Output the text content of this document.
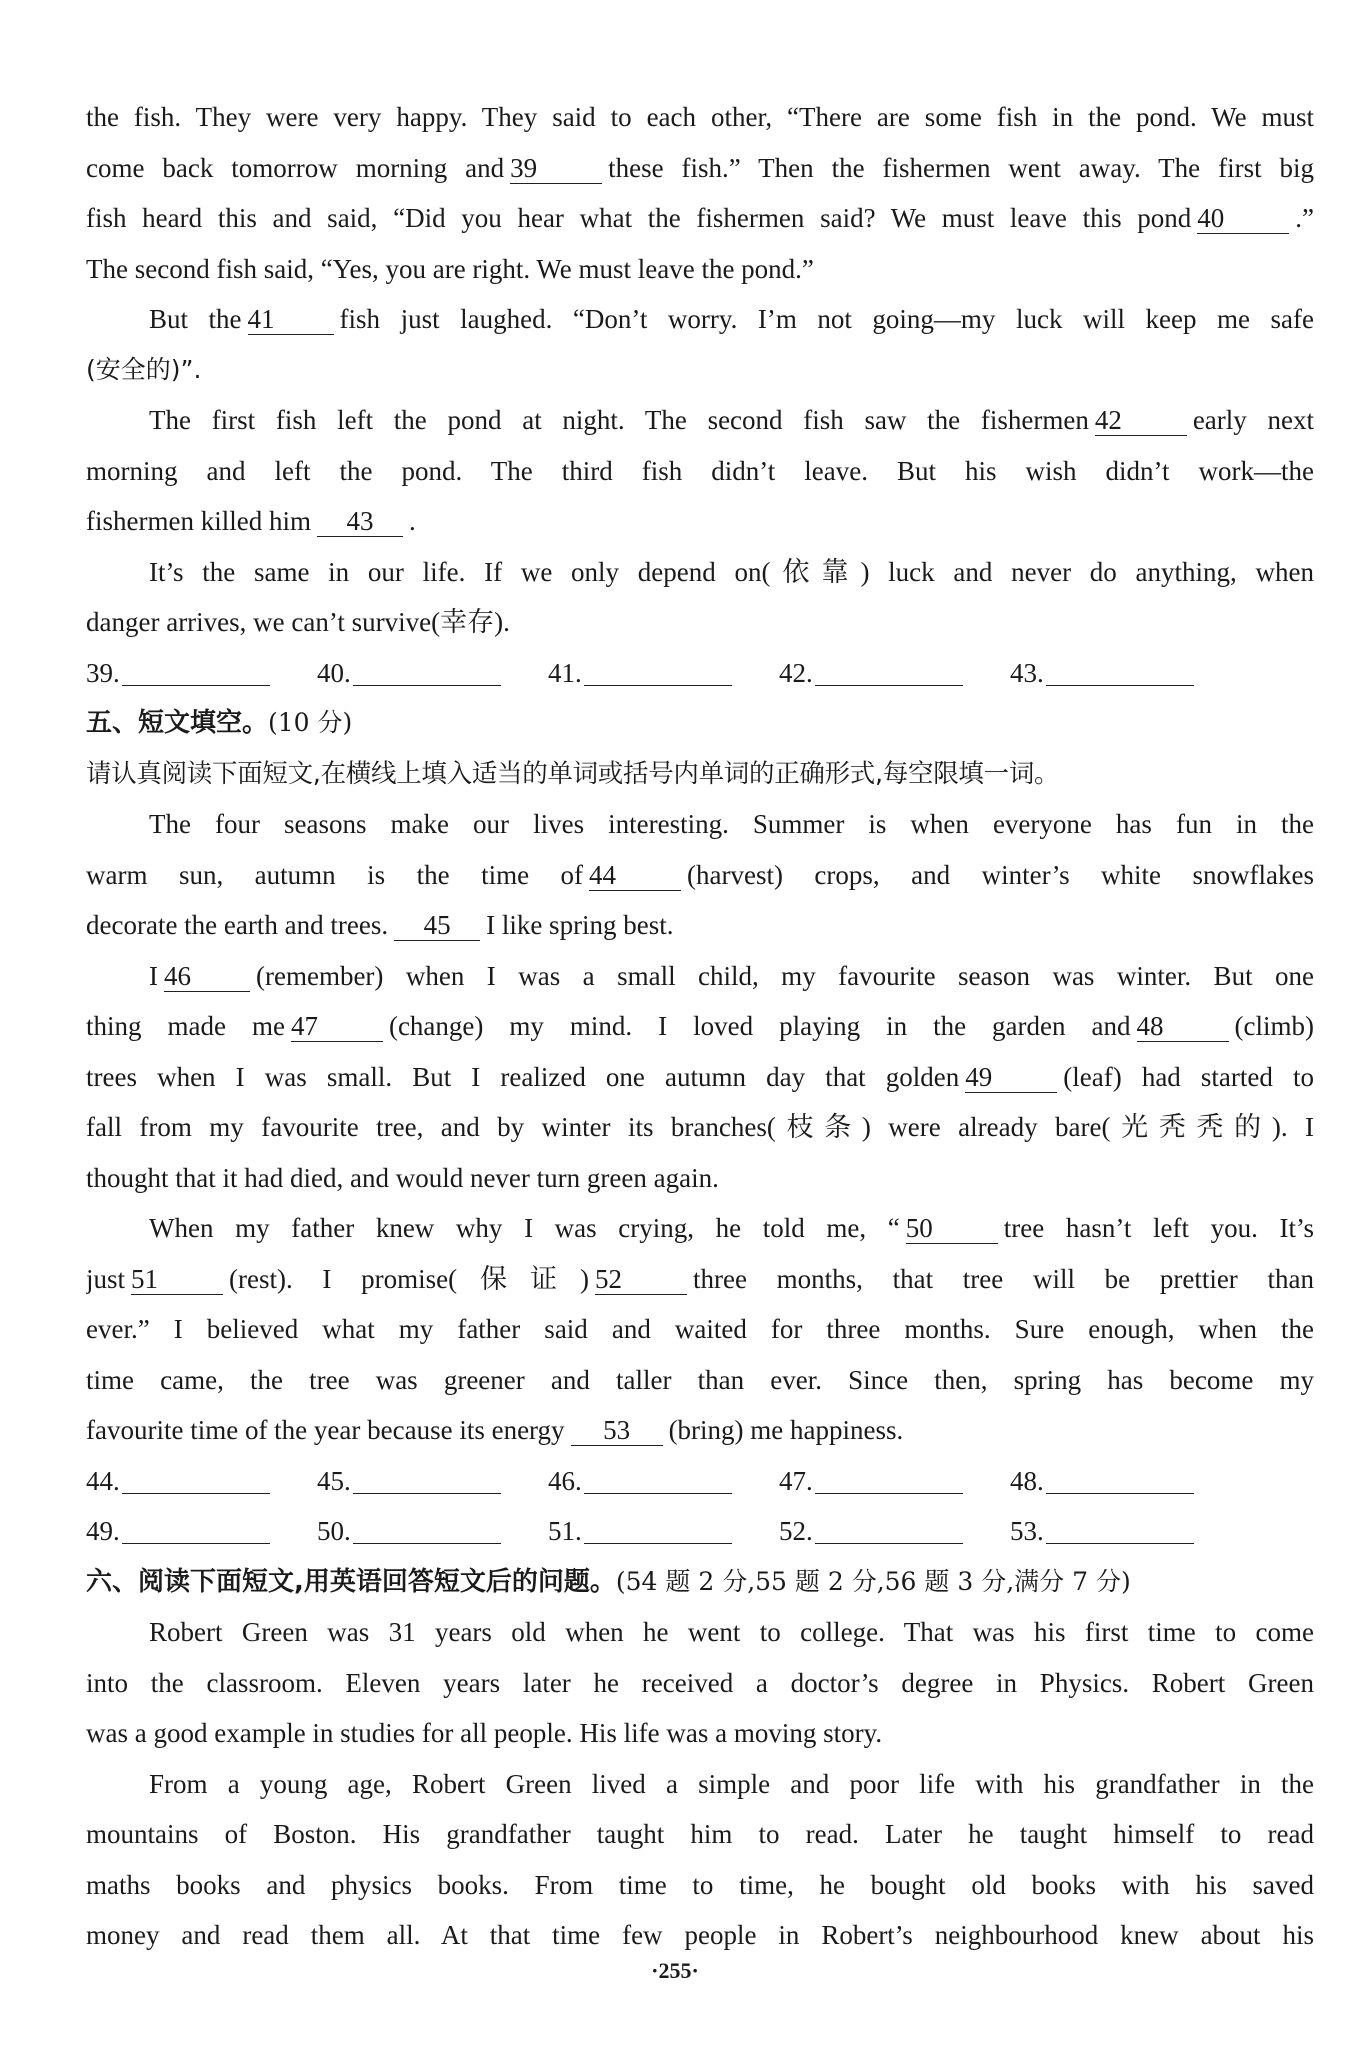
the fish. They were very happy. They said to each other, “There are some fish in the pond. We must
come back tomorrow morning and 39	these fish.” Then the fishermen went away. The first big
fish heard this and said, “Did you hear what the fishermen said? We must leave this pond 40	.”
The second fish said, “Yes, you are right. We must leave the pond.”
But the 41 fish just laughed. “Don’t worry. I’m not going—my luck will keep me safe
(安全的)”.
The first fish left the pond at night. The second fish saw the fishermen 42	early next
morning and left the pond. The third fish didn’t leave. But his wish didn’t work—the
fishermen killed him 43 .
It’s the same in our life. If we only depend on(依靠) luck and never do anything, when
danger arrives, we can’t survive(幸存).
39.	40.	41.	42.	43.
五、短文填空。(10 分)
请认真阅读下面短文,在横线上填入适当的单词或括号内单词的正确形式,每空限填一词。
The four seasons make our lives interesting. Summer is when everyone has fun in the
warm sun, autumn is the time of 44	(harvest) crops, and winter’s white snowflakes
decorate the earth and trees. 45 I like spring best.
I 46 (remember) when I was a small child, my favourite season was winter. But one
thing made me 47	(change) my mind. I loved playing in the garden and 48	(climb)
trees when I was small. But I realized one autumn day that golden 49	(leaf) had started to
fall from my favourite tree, and by winter its branches(枝条) were already bare(光秃秃的). I
thought that it had died, and would never turn green again.
When my father knew why I was crying, he told me, “ 50	tree hasn’t left you. It’s
just 51	(rest). I promise(保证) 52	three months, that tree will be prettier than
ever.” I believed what my father said and waited for three months. Sure enough, when the
time came, the tree was greener and taller than ever. Since then, spring has become my
favourite time of the year because its energy 53 (bring) me happiness.
44.	45.	46.	47.	48.
49.	50.	51.	52.	53.
六、阅读下面短文,用英语回答短文后的问题。(54 题 2 分,55 题 2 分,56 题 3 分,满分 7 分)
Robert Green was 31 years old when he went to college. That was his first time to come
into the classroom. Eleven years later he received a doctor’s degree in Physics. Robert Green
was a good example in studies for all people. His life was a moving story.
From a young age, Robert Green lived a simple and poor life with his grandfather in the
mountains of Boston. His grandfather taught him to read. Later he taught himself to read
maths books and physics books. From time to time, he bought old books with his saved
money and read them all. At that time few people in Robert’s neighbourhood knew about his
·255·
